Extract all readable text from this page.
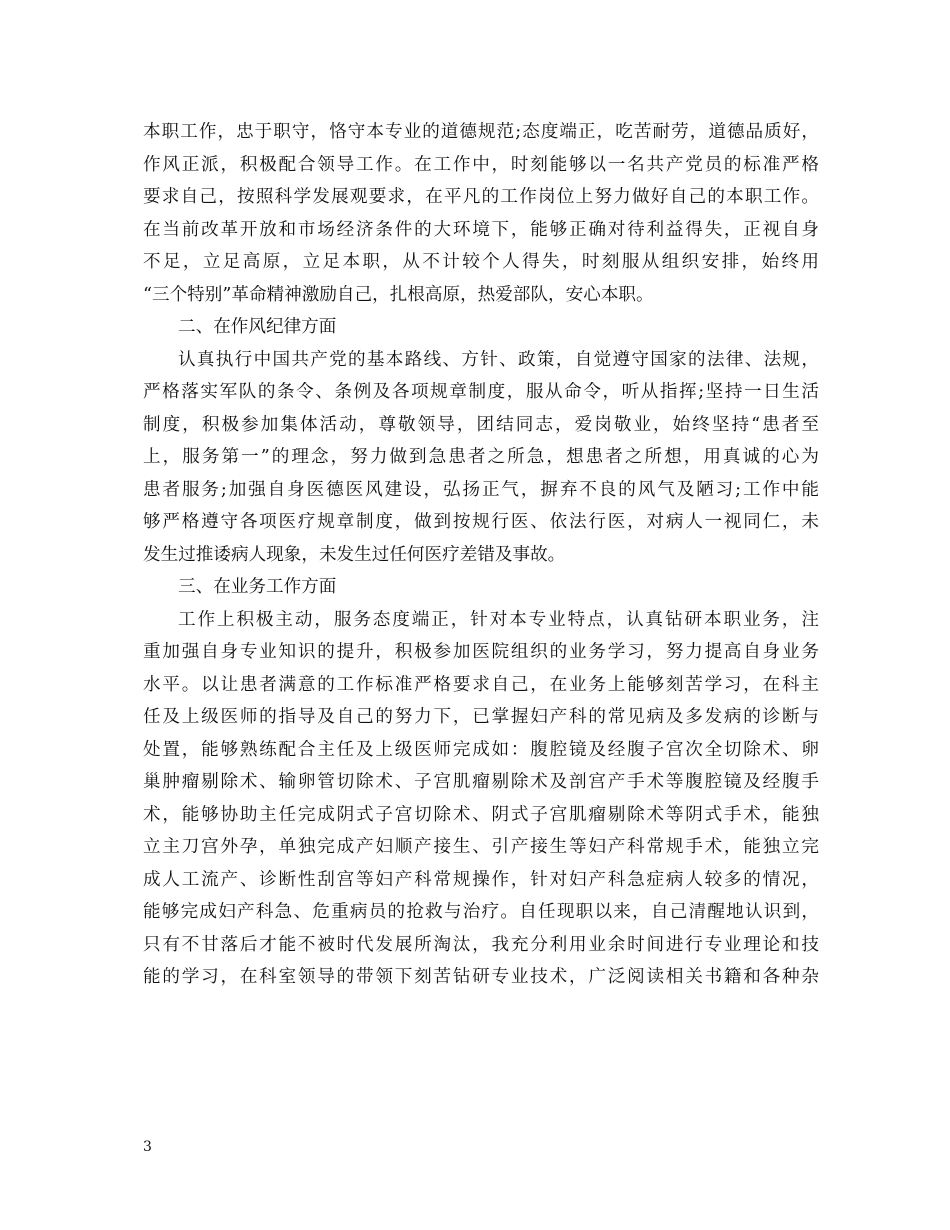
本职工作，忠于职守，恪守本专业的道德规范;态度端正，吃苦耐劳，道德品质好，
作风正派，积极配合领导工作。在工作中，时刻能够以一名共产党员的标准严格
要求自己，按照科学发展观要求，在平凡的工作岗位上努力做好自己的本职工作。
在当前改革开放和市场经济条件的大环境下，能够正确对待利益得失，正视自身
不足，立足高原，立足本职，从不计较个人得失，时刻服从组织安排，始终用
“三个特别”革命精神激励自己，扎根高原，热爱部队，安心本职。
二、在作风纪律方面
认真执行中国共产党的基本路线、方针、政策，自觉遵守国家的法律、法规，
严格落实军队的条令、条例及各项规章制度，服从命令，听从指挥;坚持一日生活
制度，积极参加集体活动，尊敬领导，团结同志，爱岗敬业，始终坚持“患者至
上，服务第一”的理念，努力做到急患者之所急，想患者之所想，用真诚的心为
患者服务;加强自身医德医风建设，弘扬正气，摒弃不良的风气及陋习;工作中能
够严格遵守各项医疗规章制度，做到按规行医、依法行医，对病人一视同仁，未
发生过推诿病人现象，未发生过任何医疗差错及事故。
三、在业务工作方面
工作上积极主动，服务态度端正，针对本专业特点，认真钻研本职业务，注
重加强自身专业知识的提升，积极参加医院组织的业务学习，努力提高自身业务
水平。以让患者满意的工作标准严格要求自己，在业务上能够刻苦学习，在科主
任及上级医师的指导及自己的努力下，已掌握妇产科的常见病及多发病的诊断与
处置，能够熟练配合主任及上级医师完成如：腹腔镜及经腹子宫次全切除术、卵
巢肿瘤剔除术、输卵管切除术、子宫肌瘤剔除术及剖宫产手术等腹腔镜及经腹手
术，能够协助主任完成阴式子宫切除术、阴式子宫肌瘤剔除术等阴式手术，能独
立主刀宫外孕，单独完成产妇顺产接生、引产接生等妇产科常规手术，能独立完
成人工流产、诊断性刮宫等妇产科常规操作，针对妇产科急症病人较多的情况，
能够完成妇产科急、危重病员的抢救与治疗。自任现职以来，自己清醒地认识到，
只有不甘落后才能不被时代发展所淘汰，我充分利用业余时间进行专业理论和技
能的学习，在科室领导的带领下刻苦钻研专业技术，广泛阅读相关书籍和各种杂
3
